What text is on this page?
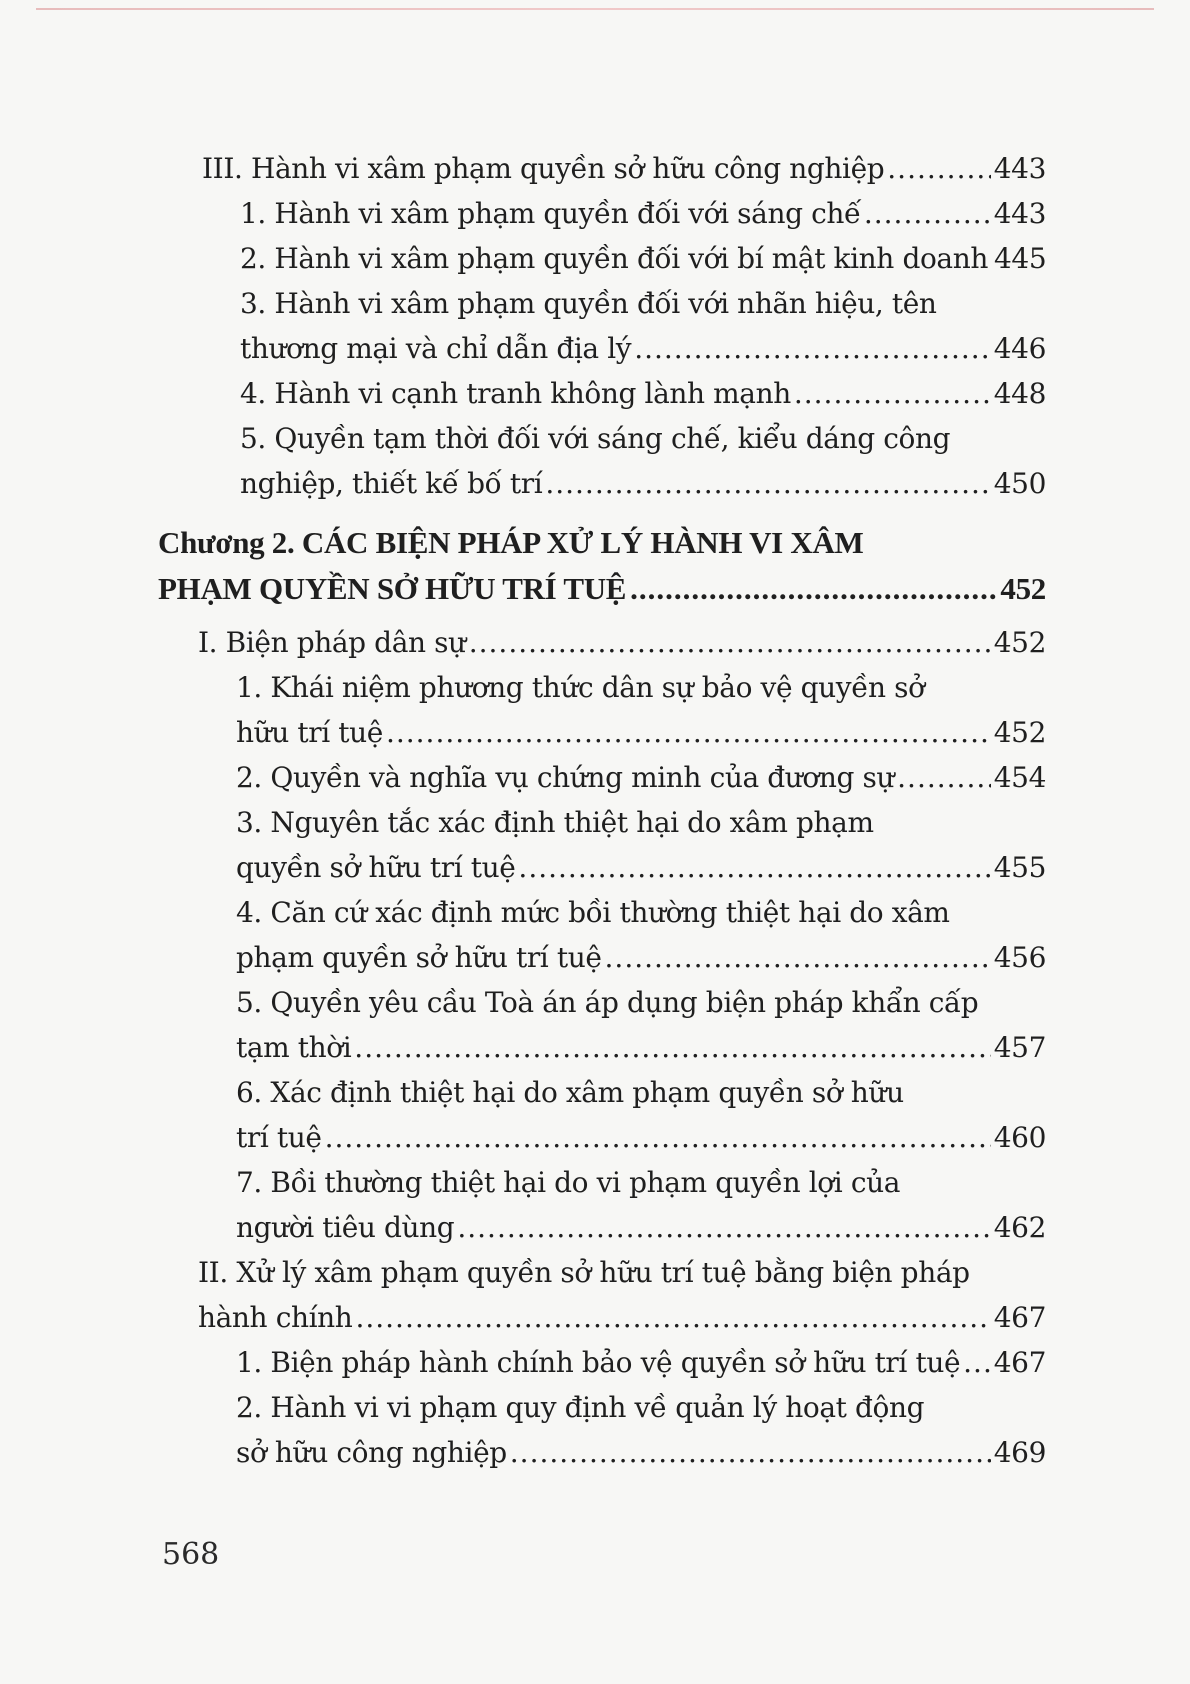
III. Hành vi xâm phạm quyền sở hữu công nghiệp .....	443
1. Hành vi xâm phạm quyền đối với sáng chế .....	443
2. Hành vi xâm phạm quyền đối với bí mật kinh doanh 445
3. Hành vi xâm phạm quyền đối với nhãn hiệu, tên
thương mại và chỉ dẫn địa lý .....	446
4. Hành vi cạnh tranh không lành mạnh .....	448
5. Quyền tạm thời đối với sáng chế, kiểu dáng công
nghiệp, thiết kế bố trí .....	450
Chương 2. CÁC BIỆN PHÁP XỬ LÝ HÀNH VI XÂM
PHẠM QUYỀN SỞ HỮU TRÍ TUỆ .....	452
I. Biện pháp dân sự .....	452
1. Khái niệm phương thức dân sự bảo vệ quyền sở
hữu trí tuệ .....	452
2. Quyền và nghĩa vụ chứng minh của đương sự .....	454
3. Nguyên tắc xác định thiệt hại do xâm phạm
quyền sở hữu trí tuệ .....	455
4. Căn cứ xác định mức bồi thường thiệt hại do xâm
phạm quyền sở hữu trí tuệ .....	456
5. Quyền yêu cầu Toà án áp dụng biện pháp khẩn cấp
tạm thời .....	457
6. Xác định thiệt hại do xâm phạm quyền sở hữu
trí tuệ .....	460
7. Bồi thường thiệt hại do vi phạm quyền lợi của
người tiêu dùng .....	462
II. Xử lý xâm phạm quyền sở hữu trí tuệ bằng biện pháp
hành chính .....	467
1. Biện pháp hành chính bảo vệ quyền sở hữu trí tuệ ..... 467
2. Hành vi vi phạm quy định về quản lý hoạt động
sở hữu công nghiệp .....	469
568
